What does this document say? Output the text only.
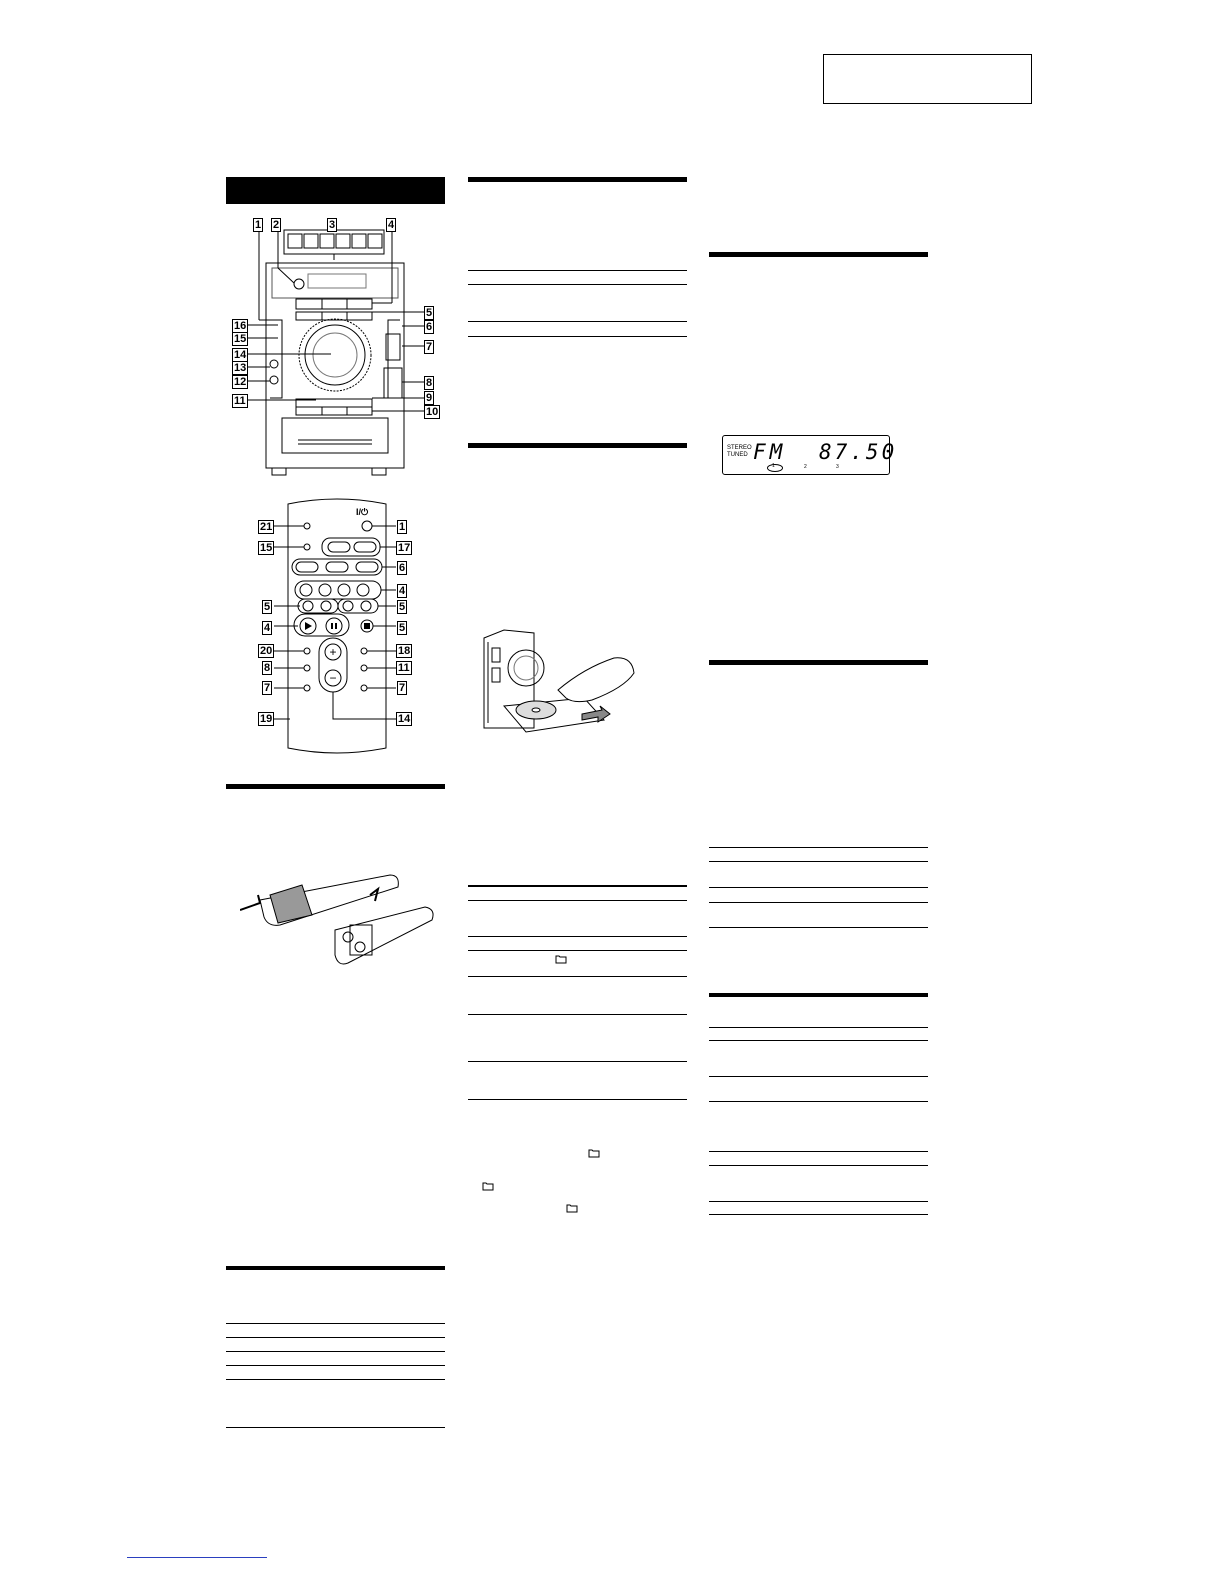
1 2	3	4
5
6
7
8
9
10
16
15
14
13
12
11
+
−
I/⏻
21
15
5
4
20
8
7
19
1
17
6
4
5
5
18
11
7
14
STEREO
TUNED FM 87.50
1	2	3
